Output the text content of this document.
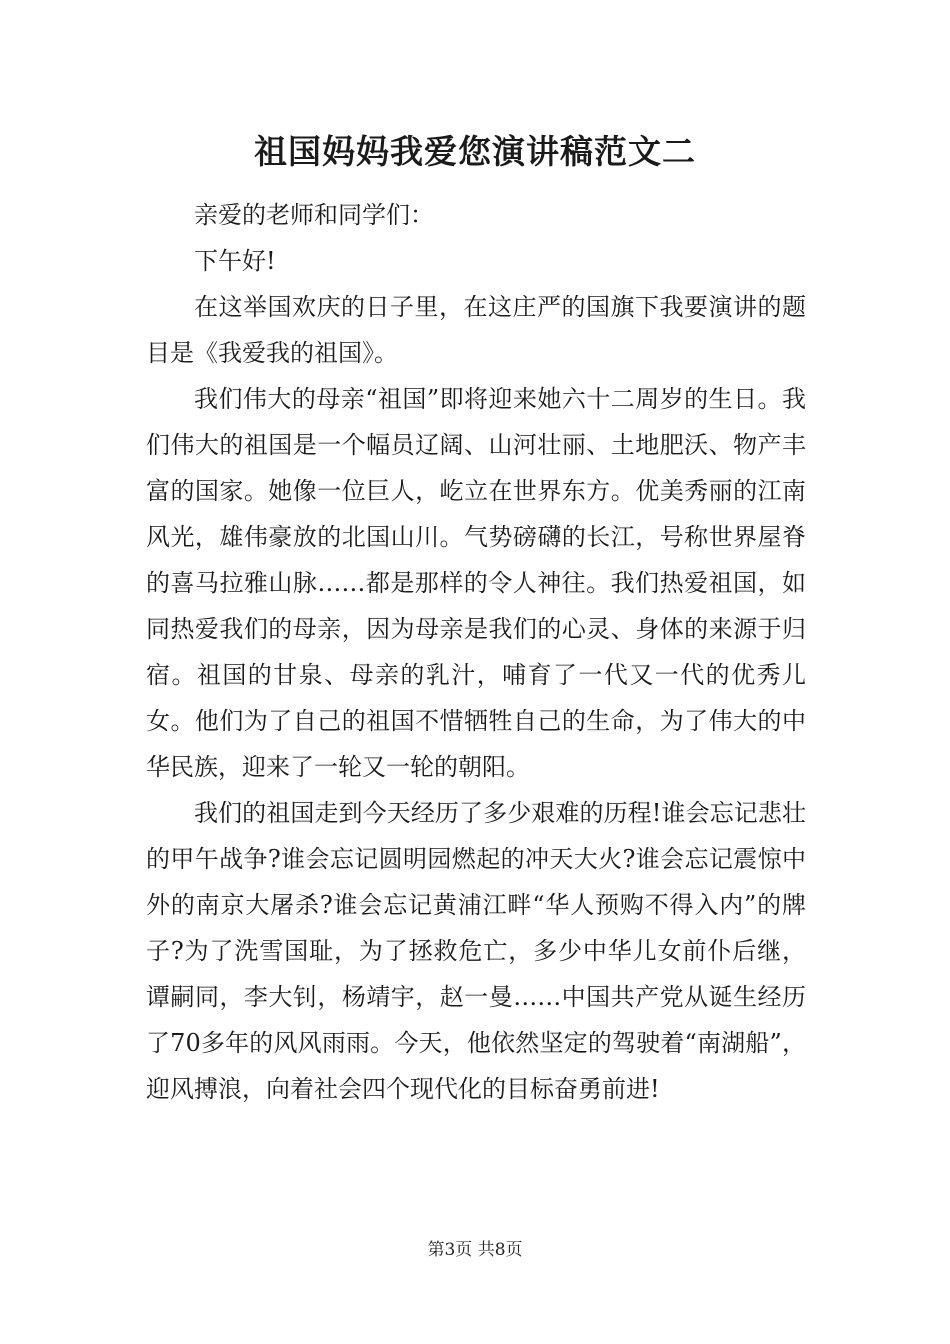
祖国妈妈我爱您演讲稿范文二

亲爱的老师和同学们：

下午好!

在这举国欢庆的日子里，在这庄严的国旗下我要演讲的题目是《我爱我的祖国》。

我们伟大的母亲“祖国”即将迎来她六十二周岁的生日。我们伟大的祖国是一个幅员辽阔、山河壮丽、土地肥沃、物产丰富的国家。她像一位巨人，屹立在世界东方。优美秀丽的江南风光，雄伟豪放的北国山川。气势磅礴的长江，号称世界屋脊的喜马拉雅山脉……都是那样的令人神往。我们热爱祖国，如同热爱我们的母亲，因为母亲是我们的心灵、身体的来源于归宿。祖国的甘泉、母亲的乳汁，哺育了一代又一代的优秀儿女。他们为了自己的祖国不惜牺牲自己的生命，为了伟大的中华民族，迎来了一轮又一轮的朝阳。

我们的祖国走到今天经历了多少艰难的历程!谁会忘记悲壮的甲午战争?谁会忘记圆明园燃起的冲天大火?谁会忘记震惊中外的南京大屠杀?谁会忘记黄浦江畔“华人预购不得入内”的牌子?为了洗雪国耻，为了拯救危亡，多少中华儿女前仆后继，谭嗣同，李大钊，杨靖宇，赵一曼……中国共产党从诞生经历了70多年的风风雨雨。今天，他依然坚定的驾驶着“南湖船”，迎风搏浪，向着社会四个现代化的目标奋勇前进!

第3页 共8页
